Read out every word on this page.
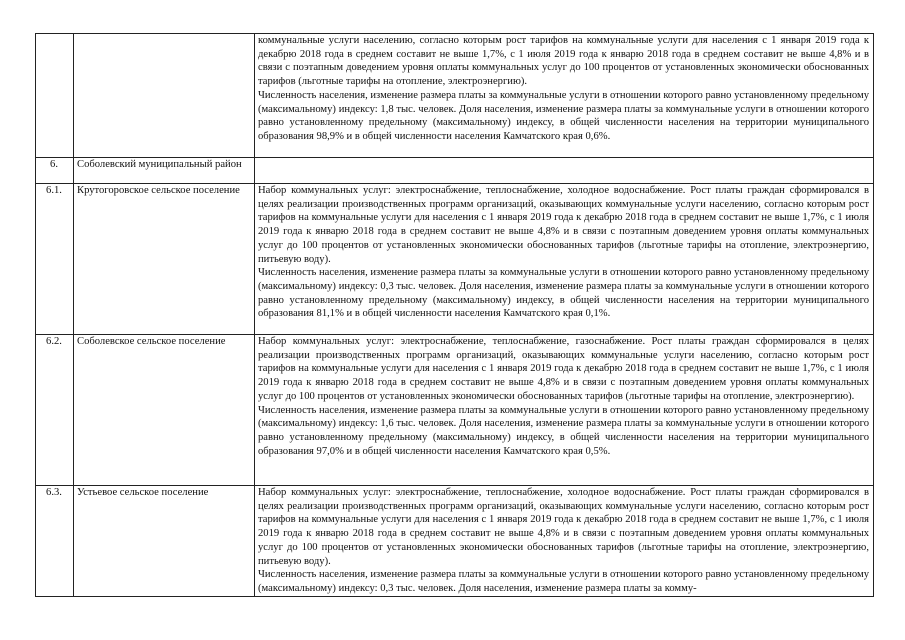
		коммунальные услуги населению, согласно которым рост тарифов на коммунальные услуги для населения с 1 января 2019 года к декабрю 2018 года в среднем составит не выше 1,7%, с 1 июля 2019 года к январю 2018 года в среднем составит не выше 4,8% и в связи с поэтапным доведением уровня оплаты коммунальных услуг до 100 процентов от установленных экономически обоснованных тарифов (льготные тарифы на отопление, электроэнергию).

Численность населения, изменение размера платы за коммунальные услуги в отношении которого равно установленному предельному (максимальному) индексу: 1,8 тыс. человек. Доля населения, изменение размера платы за коммунальные услуги в отношении которого равно установленному предельному (максимальному) индексу, в общей численности населения на территории муниципального образования 98,9% и в общей численности населения Камчатского края 0,6%.

6.	Соболевский муниципальный район	
6.1.	Крутогоровское сельское поселение	Набор коммунальных услуг: электроснабжение, теплоснабжение, холодное водоснабжение. Рост платы граждан сформировался в целях реализации производственных программ организаций, оказывающих коммунальные услуги населению, согласно которым рост тарифов на коммунальные услуги для населения с 1 января 2019 года к декабрю 2018 года в среднем составит не выше 1,7%, с 1 июля 2019 года к январю 2018 года в среднем составит не выше 4,8% и в связи с поэтапным доведением уровня оплаты коммунальных услуг до 100 процентов от установленных экономически обоснованных тарифов (льготные тарифы на отопление, электроэнергию, питьевую воду).

Численность населения, изменение размера платы за коммунальные услуги в отношении которого равно установленному предельному (максимальному) индексу: 0,3 тыс. человек. Доля населения, изменение размера платы за коммунальные услуги в отношении которого равно установленному предельному (максимальному) индексу, в общей численности населения на территории муниципального образования 81,1% и в общей численности населения Камчатского края 0,1%.

6.2.	Соболевское сельское поселение	Набор коммунальных услуг: электроснабжение, теплоснабжение, газоснабжение. Рост платы граждан сформировался в целях реализации производственных программ организаций, оказывающих коммунальные услуги населению, согласно которым рост тарифов на коммунальные услуги для населения с 1 января 2019 года к декабрю 2018 года в среднем составит не выше 1,7%, с 1 июля 2019 года к январю 2018 года в среднем составит не выше 4,8% и в связи с поэтапным доведением уровня оплаты коммунальных услуг до 100 процентов от установленных экономически обоснованных тарифов (льготные тарифы на отопление, электроэнергию).

Численность населения, изменение размера платы за коммунальные услуги в отношении которого равно установленному предельному (максимальному) индексу: 1,6 тыс. человек. Доля населения, изменение размера платы за коммунальные услуги в отношении которого равно установленному предельному (максимальному) индексу, в общей численности населения на территории муниципального образования 97,0% и в общей численности населения Камчатского края 0,5%.

6.3.	Устьевое сельское поселение	Набор коммунальных услуг: электроснабжение, теплоснабжение, холодное водоснабжение. Рост платы граждан сформировался в целях реализации производственных программ организаций, оказывающих коммунальные услуги населению, согласно которым рост тарифов на коммунальные услуги для населения с 1 января 2019 года к декабрю 2018 года в среднем составит не выше 1,7%, с 1 июля 2019 года к январю 2018 года в среднем составит не выше 4,8% и в связи с поэтапным доведением уровня оплаты коммунальных услуг до 100 процентов от установленных экономически обоснованных тарифов (льготные тарифы на отопление, электроэнергию, питьевую воду).

Численность населения, изменение размера платы за коммунальные услуги в отношении которого равно установленному предельному (максимальному) индексу: 0,3 тыс. человек. Доля населения, изменение размера платы за комму-
